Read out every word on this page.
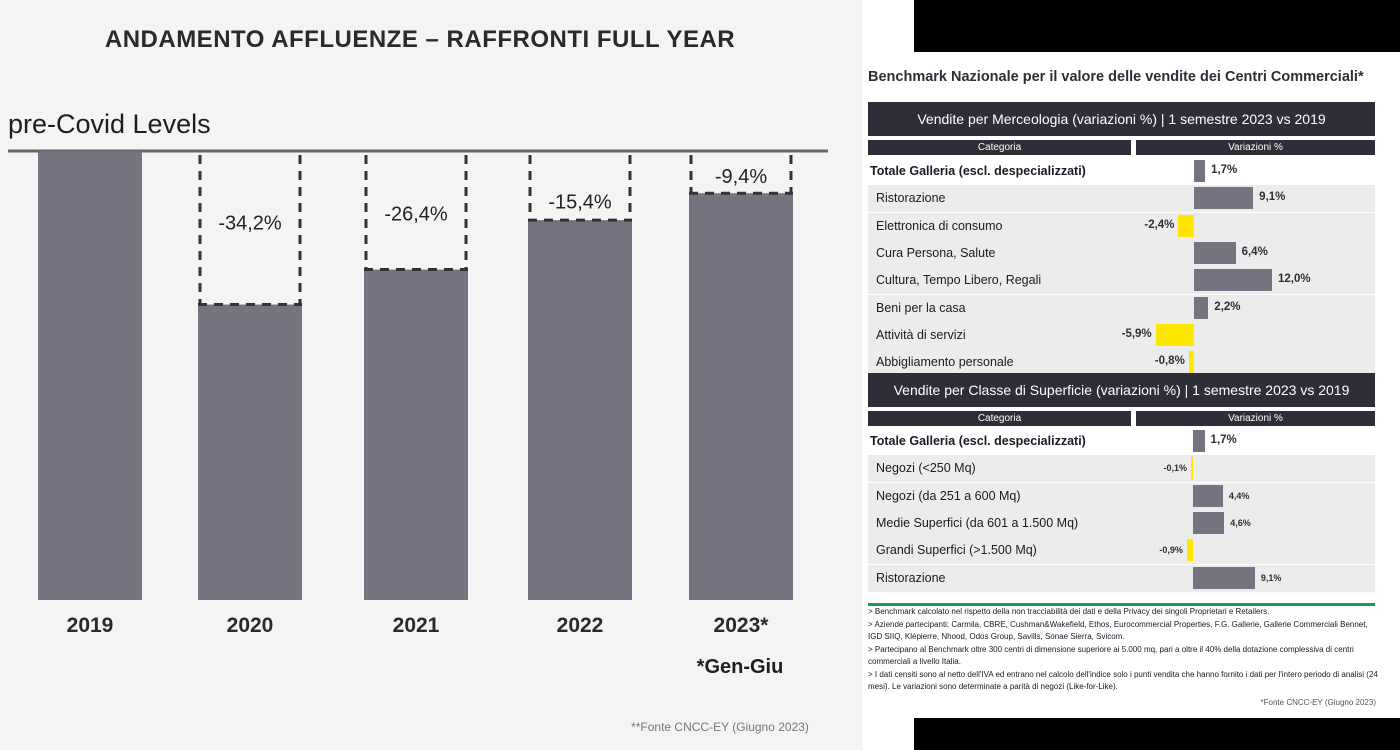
ANDAMENTO AFFLUENZE – RAFFRONTI FULL YEAR
pre-Covid Levels
2019
-34,2%
2020
-26,4%
2021
-15,4%
2022
-9,4%
2023*
*Gen-Giu
**Fonte CNCC-EY (Giugno 2023)
Benchmark Nazionale per il valore delle vendite dei Centri Commerciali*
Vendite per Merceologia (variazioni %) | 1 semestre 2023 vs 2019
Categoria	Variazioni %
Totale Galleria (escl. despecializzati)	1,7%
Ristorazione	9,1%
Elettronica di consumo	-2,4%
Cura Persona, Salute	6,4%
Cultura, Tempo Libero, Regali	12,0%
Beni per la casa	2,2%
Attività di servizi	-5,9%
Abbigliamento personale	-0,8%
Vendite per Classe di Superficie (variazioni %) | 1 semestre 2023 vs 2019
Categoria	Variazioni %
Totale Galleria (escl. despecializzati)	1,7%
Negozi (<250 Mq)	-0,1%
Negozi (da 251 a 600 Mq)	4,4%
Medie Superfici (da 601 a 1.500 Mq)	4,6%
Grandi Superfici (>1.500 Mq)	-0,9%
Ristorazione	9,1%
> Benchmark calcolato nel rispetto della non tracciabilità dei dati e della Privacy dei singoli Proprietari e Retailers.
> Aziende partecipanti: Carmila, CBRE, Cushman&Wakefield, Ethos, Eurocommercial Properties, F.G. Gallerie, Gallerie Commerciali Bennet, IGD SIIQ, Klépierre, Nhood, Odos Group, Savills, Sonae Sierra, Svicom.
> Partecipano al Benchmark oltre 300 centri di dimensione superiore ai 5.000 mq, pari a oltre il 40% della dotazione complessiva di centri commerciali a livello Italia.
> I dati censiti sono al netto dell'IVA ed entrano nel calcolo dell'indice solo i punti vendita che hanno fornito i dati per l'intero periodo di analisi (24 mesi). Le variazioni sono determinate a parità di negozi (Like-for-Like).
*Fonte CNCC-EY (Giugno 2023)
